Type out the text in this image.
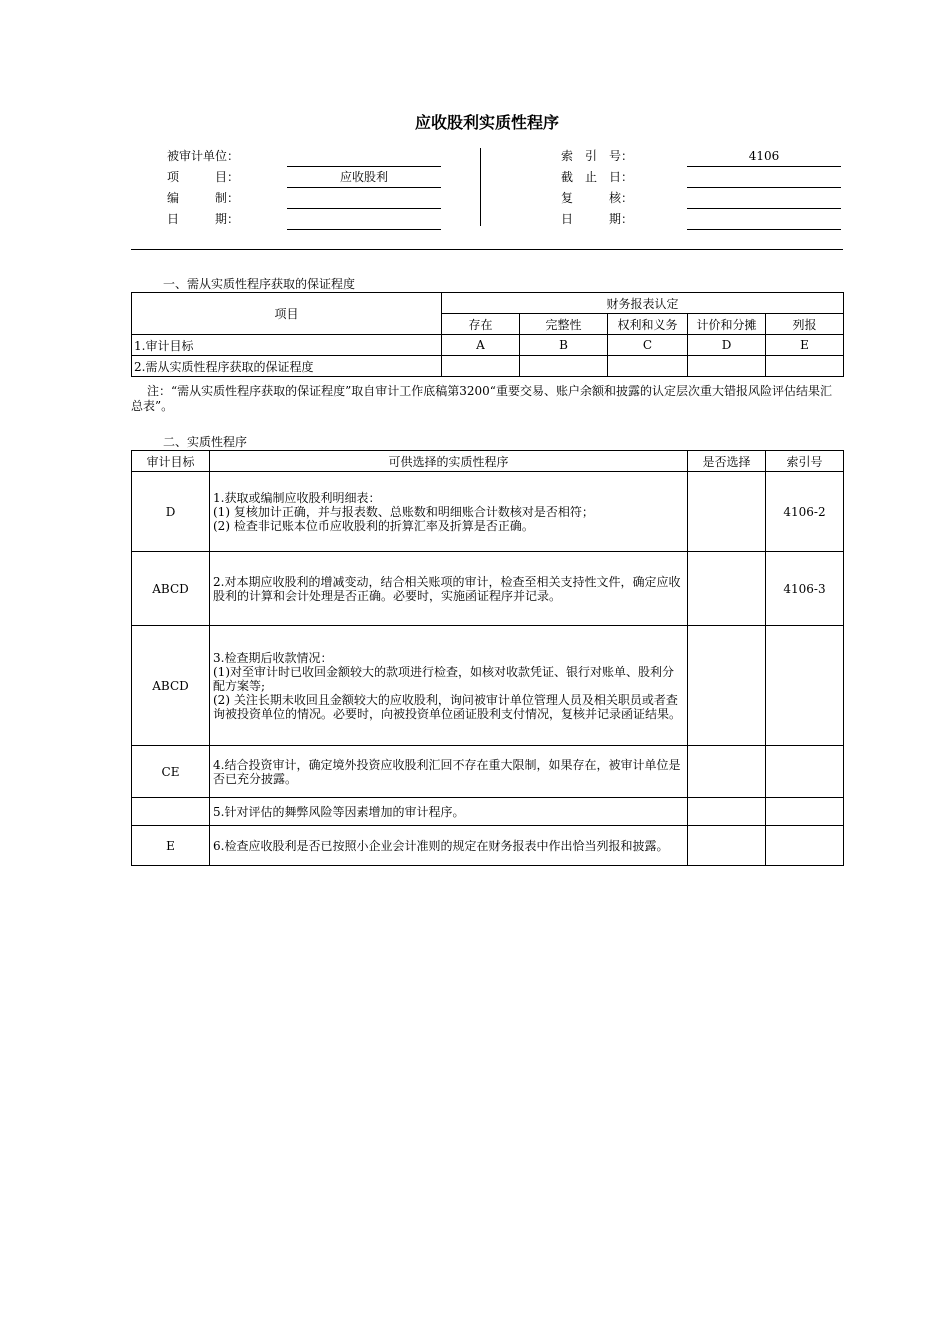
应收股利实质性程序
被审计单位：
项　　　目：	应收股利
编　　　制：
日　　　期：
索　引　号：	4106
截　止　日：
复　　　核：
日　　　期：
一、需从实质性程序获取的保证程度
项目	财务报表认定				
	存在	完整性	权利和义务	计价和分摊	列报
1.审计目标	A	B	C	D	E
2.需从实质性程序获取的保证程度					

注：“需从实质性程序获取的保证程度”取自审计工作底稿第3200“重要交易、账户余额和披露的认定层次重大错报风险评估结果汇总表”。

二、实质性程序
审计目标	可供选择的实质性程序	是否选择	索引号
D	1.获取或编制应收股利明细表：
(1) 复核加计正确，并与报表数、总账数和明细账合计数核对是否相符；
(2) 检查非记账本位币应收股利的折算汇率及折算是否正确。		4106-2
ABCD	2.对本期应收股利的增减变动，结合相关账项的审计，检查至相关支持性文件，确定应收股利的计算和会计处理是否正确。必要时，实施函证程序并记录。		4106-3
ABCD	3.检查期后收款情况：
(1)对至审计时已收回金额较大的款项进行检查，如核对收款凭证、银行对账单、股利分配方案等;
(2) 关注长期未收回且金额较大的应收股利，询问被审计单位管理人员及相关职员或者查询被投资单位的情况。必要时，向被投资单位函证股利支付情况，复核并记录函证结果。		

CE	4.结合投资审计，确定境外投资应收股利汇回不存在重大限制，如果存在，被审计单位是否已充分披露。		

	5.针对评估的舞弊风险等因素增加的审计程序。		

E	6.检查应收股利是否已按照小企业会计准则的规定在财务报表中作出恰当列报和披露。		
